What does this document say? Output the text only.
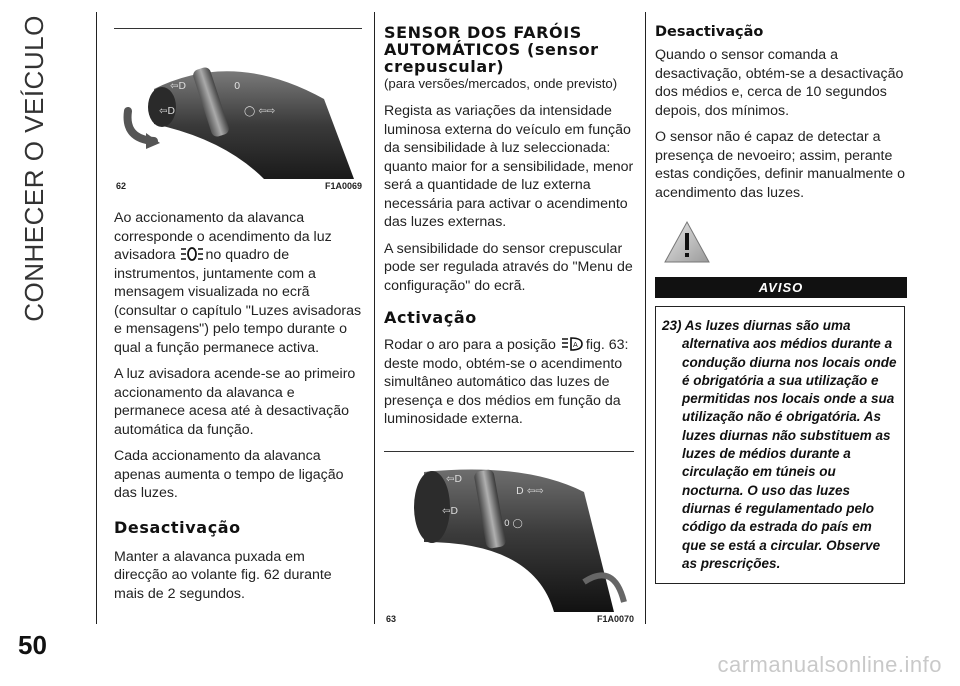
CONHECER O VEÍCULO	⇦D
⇦D
0
◯ ⇦⇨
62	F1A0069

Ao accionamento da alavanca corresponde o acendimento da luz avisadora no quadro de instrumentos, juntamente com a mensagem visualizada no ecrã (consultar o capítulo "Luzes avisadoras e mensagens") pelo tempo durante o qual a função permanece activa.

A luz avisadora acende-se ao primeiro accionamento da alavanca e permanece acesa até à desactivação automática da função.

Cada accionamento da alavanca apenas aumenta o tempo de ligação das luzes.

Desactivação

Manter a alavanca puxada em direcção ao volante fig. 62 durante mais de 2 segundos.

SENSOR DOS FARÓIS AUTOMÁTICOS (sensor crepuscular)

(para versões/mercados, onde previsto)

Regista as variações da intensidade luminosa externa do veículo em função da sensibilidade à luz seleccionada: quanto maior for a sensibilidade, menor será a quantidade de luz externa necessária para activar o acendimento das luzes externas.

A sensibilidade do sensor crepuscular pode ser regulada através do "Menu de configuração" do ecrã.

Activação

Rodar o aro para a posição A fig. 63: deste modo, obtém-se o acendimento simultâneo automático das luzes de presença e dos médios em função da luminosidade externa.

⇦D
⇦D
D ⇦⇨
0 ◯
63	F1A0070
Desactivação

Quando o sensor comanda a desactivação, obtém-se a desactivação dos médios e, cerca de 10 segundos depois, dos mínimos.

O sensor não é capaz de detectar a presença de nevoeiro; assim, perante estas condições, definir manualmente o acendimento das luzes.

AVISO

23) As luzes diurnas são uma alternativa aos médios durante a condução diurna nos locais onde é obrigatória a sua utilização e permitidas nos locais onde a sua utilização não é obrigatória. As luzes diurnas não substituem as luzes de médios durante a circulação em túneis ou nocturna. O uso das luzes diurnas é regulamentado pelo código da estrada do país em que se está a circular. Observe as prescrições.

50
carmanualsonline.info
